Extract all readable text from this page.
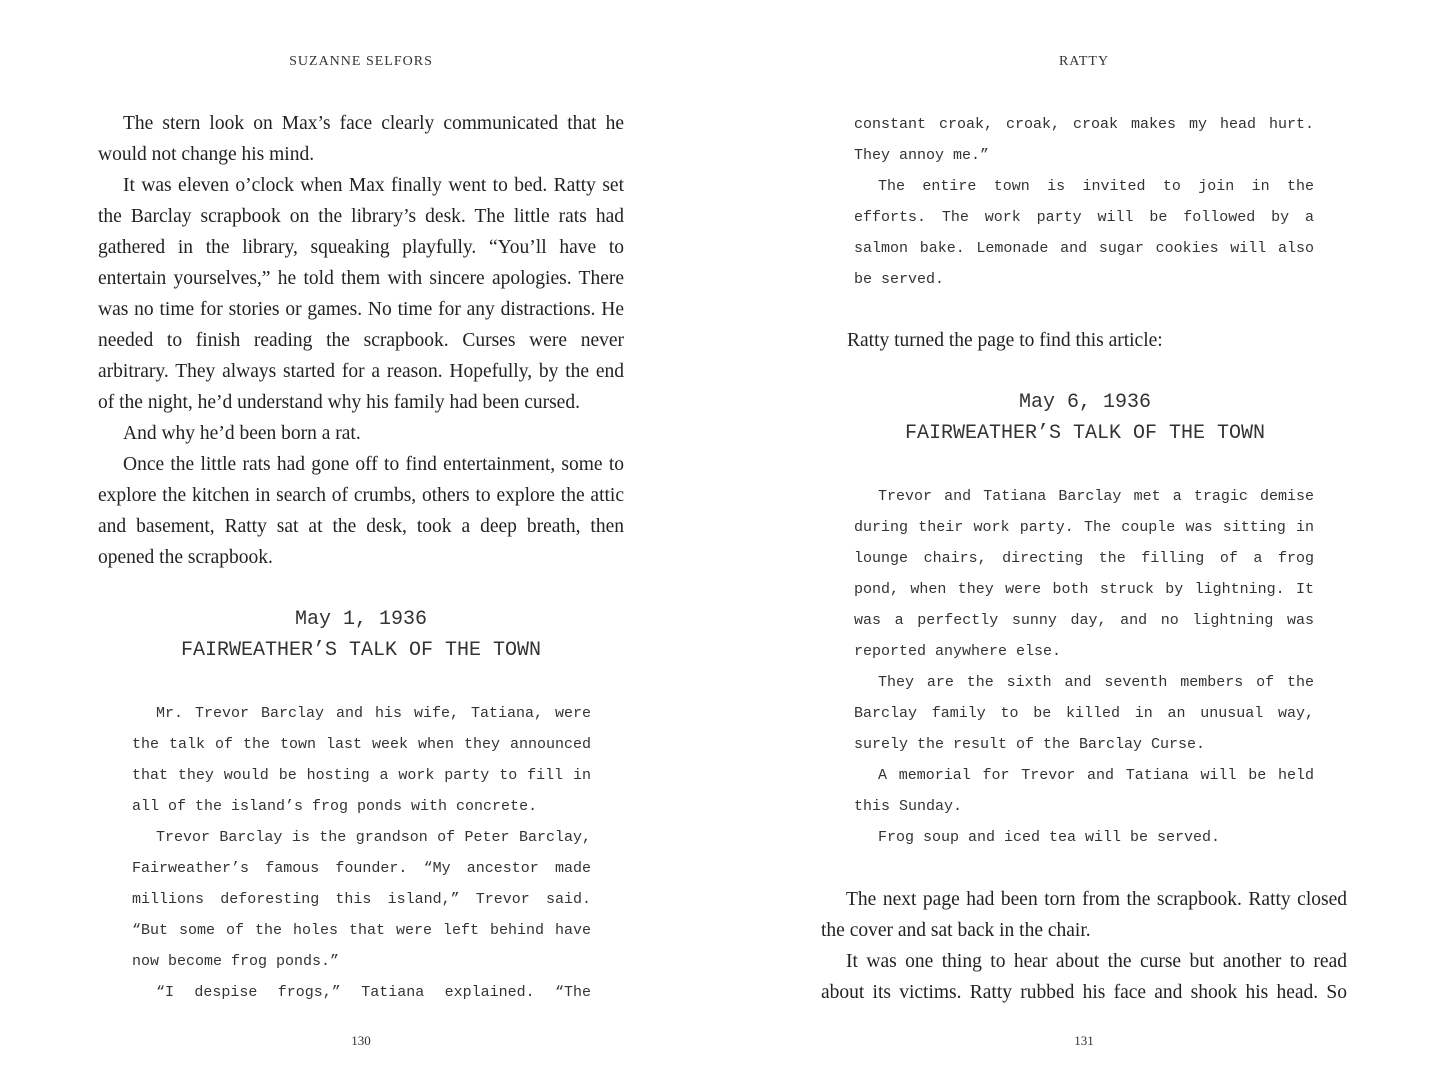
SUZANNE SELFORS

The stern look on Max’s face clearly communicated that he would not change his mind.

It was eleven o’clock when Max finally went to bed. Ratty set the Barclay scrapbook on the library’s desk. The little rats had gathered in the library, squeaking playfully. “You’ll have to entertain yourselves,” he told them with sincere apologies. There was no time for stories or games. No time for any distractions. He needed to finish reading the scrapbook. Curses were never arbitrary. They always started for a reason. Hopefully, by the end of the night, he’d understand why his family had been cursed.

And why he’d been born a rat.

Once the little rats had gone off to find entertainment, some to explore the kitchen in search of crumbs, others to explore the attic and basement, Ratty sat at the desk, took a deep breath, then opened the scrapbook.

May 1, 1936
FAIRWEATHER’S TALK OF THE TOWN

Mr. Trevor Barclay and his wife, Tatiana, were the talk of the town last week when they announced that they would be hosting a work party to fill in all of the island’s frog ponds with concrete.

Trevor Barclay is the grandson of Peter Barclay, Fairweather’s famous founder. “My ancestor made millions deforesting this island,” Trevor said. “But some of the holes that were left behind have now become frog ponds.”

“I despise frogs,” Tatiana explained. “The

130
RATTY

constant croak, croak, croak makes my head hurt. They annoy me.”

The entire town is invited to join in the efforts. The work party will be followed by a salmon bake. Lemonade and sugar cookies will also be served.

Ratty turned the page to find this article:

May 6, 1936
FAIRWEATHER’S TALK OF THE TOWN

Trevor and Tatiana Barclay met a tragic demise during their work party. The couple was sitting in lounge chairs, directing the filling of a frog pond, when they were both struck by lightning. It was a perfectly sunny day, and no lightning was reported anywhere else.

They are the sixth and seventh members of the Barclay family to be killed in an unusual way, surely the result of the Barclay Curse.

A memorial for Trevor and Tatiana will be held this Sunday.

Frog soup and iced tea will be served.

The next page had been torn from the scrapbook. Ratty closed the cover and sat back in the chair.

It was one thing to hear about the curse but another to read about its victims. Ratty rubbed his face and shook his head. So

131
